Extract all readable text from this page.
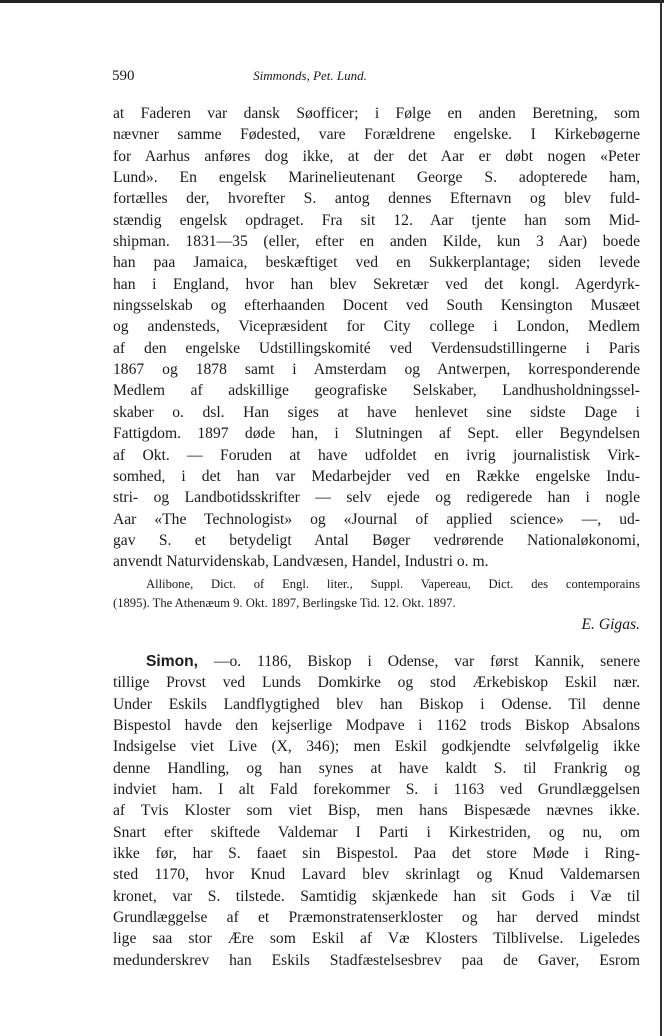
590	Simmonds, Pet. Lund.
at Faderen var dansk Søofficer; i Følge en anden Beretning, som
nævner samme Fødested, vare Forældrene engelske. I Kirkebøgerne
for Aarhus anføres dog ikke, at der det Aar er døbt nogen «Peter
Lund». En engelsk Marinelieutenant George S. adopterede ham,
fortælles der, hvorefter S. antog dennes Efternavn og blev fuld-
stændig engelsk opdraget. Fra sit 12. Aar tjente han som Mid-
shipman. 1831—35 (eller, efter en anden Kilde, kun 3 Aar) boede
han paa Jamaica, beskæftiget ved en Sukkerplantage; siden levede
han i England, hvor han blev Sekretær ved det kongl. Agerdyrk-
ningsselskab og efterhaanden Docent ved South Kensington Musæet
og andensteds, Vicepræsident for City college i London, Medlem
af den engelske Udstillingskomité ved Verdensudstillingerne i Paris
1867 og 1878 samt i Amsterdam og Antwerpen, korresponderende
Medlem af adskillige geografiske Selskaber, Landhusholdningssel-
skaber o. dsl. Han siges at have henlevet sine sidste Dage i
Fattigdom. 1897 døde han, i Slutningen af Sept. eller Begyndelsen
af Okt. — Foruden at have udfoldet en ivrig journalistisk Virk-
somhed, i det han var Medarbejder ved en Række engelske Indu-
stri- og Landbotidsskrifter — selv ejede og redigerede han i nogle
Aar «The Technologist» og «Journal of applied science» —, ud-
gav S. et betydeligt Antal Bøger vedrørende Nationaløkonomi,
anvendt Naturvidenskab, Landvæsen, Handel, Industri o. m.
Allibone, Dict. of Engl. liter., Suppl. Vapereau, Dict. des contemporains
(1895). The Athenæum 9. Okt. 1897, Berlingske Tid. 12. Okt. 1897.
E. Gigas.
Simon, —o. 1186, Biskop i Odense, var først Kannik, senere
tillige Provst ved Lunds Domkirke og stod Ærkebiskop Eskil nær.
Under Eskils Landflygtighed blev han Biskop i Odense. Til denne
Bispestol havde den kejserlige Modpave i 1162 trods Biskop Absalons
Indsigelse viet Live (X, 346); men Eskil godkjendte selvfølgelig ikke
denne Handling, og han synes at have kaldt S. til Frankrig og
indviet ham. I alt Fald forekommer S. i 1163 ved Grundlæggelsen
af Tvis Kloster som viet Bisp, men hans Bispesæde nævnes ikke.
Snart efter skiftede Valdemar I Parti i Kirkestriden, og nu, om
ikke før, har S. faaet sin Bispestol. Paa det store Møde i Ring-
sted 1170, hvor Knud Lavard blev skrinlagt og Knud Valdemarsen
kronet, var S. tilstede. Samtidig skjænkede han sit Gods i Væ til
Grundlæggelse af et Præmonstratenserkloster og har derved mindst
lige saa stor Ære som Eskil af Væ Klosters Tilblivelse. Ligeledes
medunderskrev han Eskils Stadfæstelsesbrev paa de Gaver, Esrom
